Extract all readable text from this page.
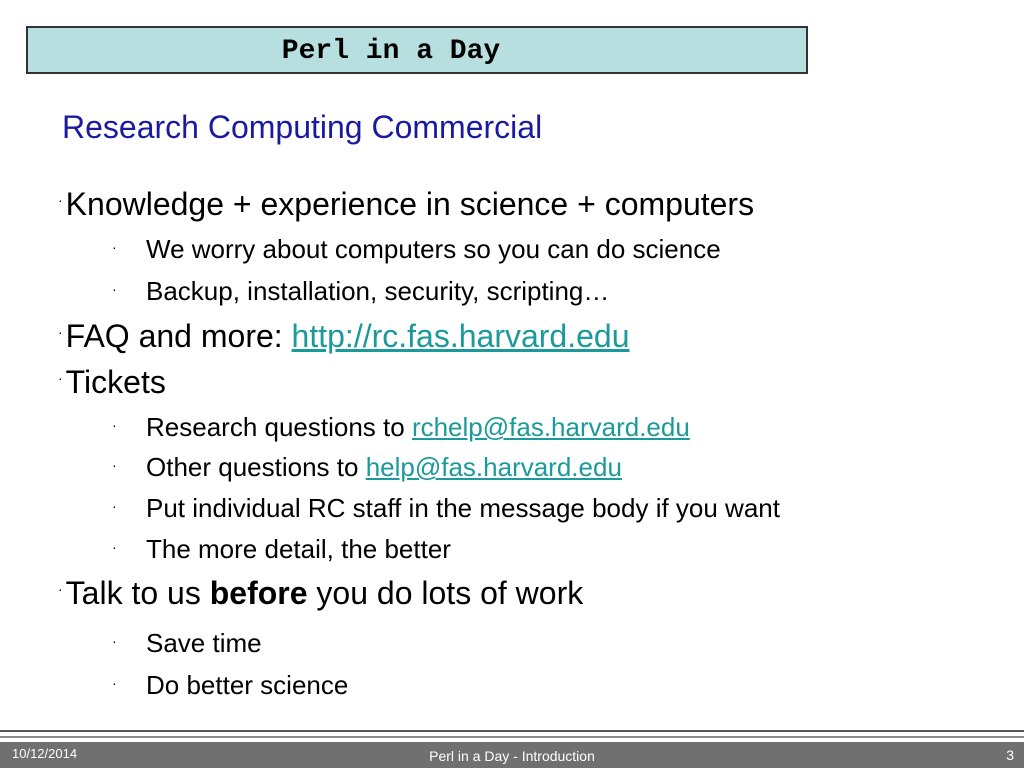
Perl in a Day
Research Computing Commercial
·Knowledge + experience in science + computers
· We worry about computers so you can do science
· Backup, installation, security, scripting…
·FAQ and more: http://rc.fas.harvard.edu
·Tickets
· Research questions to rchelp@fas.harvard.edu
· Other questions to help@fas.harvard.edu
· Put individual RC staff in the message body if you want
· The more detail, the better
·Talk to us before you do lots of work
· Save time
· Do better science
10/12/2014	Perl in a Day - Introduction	3
